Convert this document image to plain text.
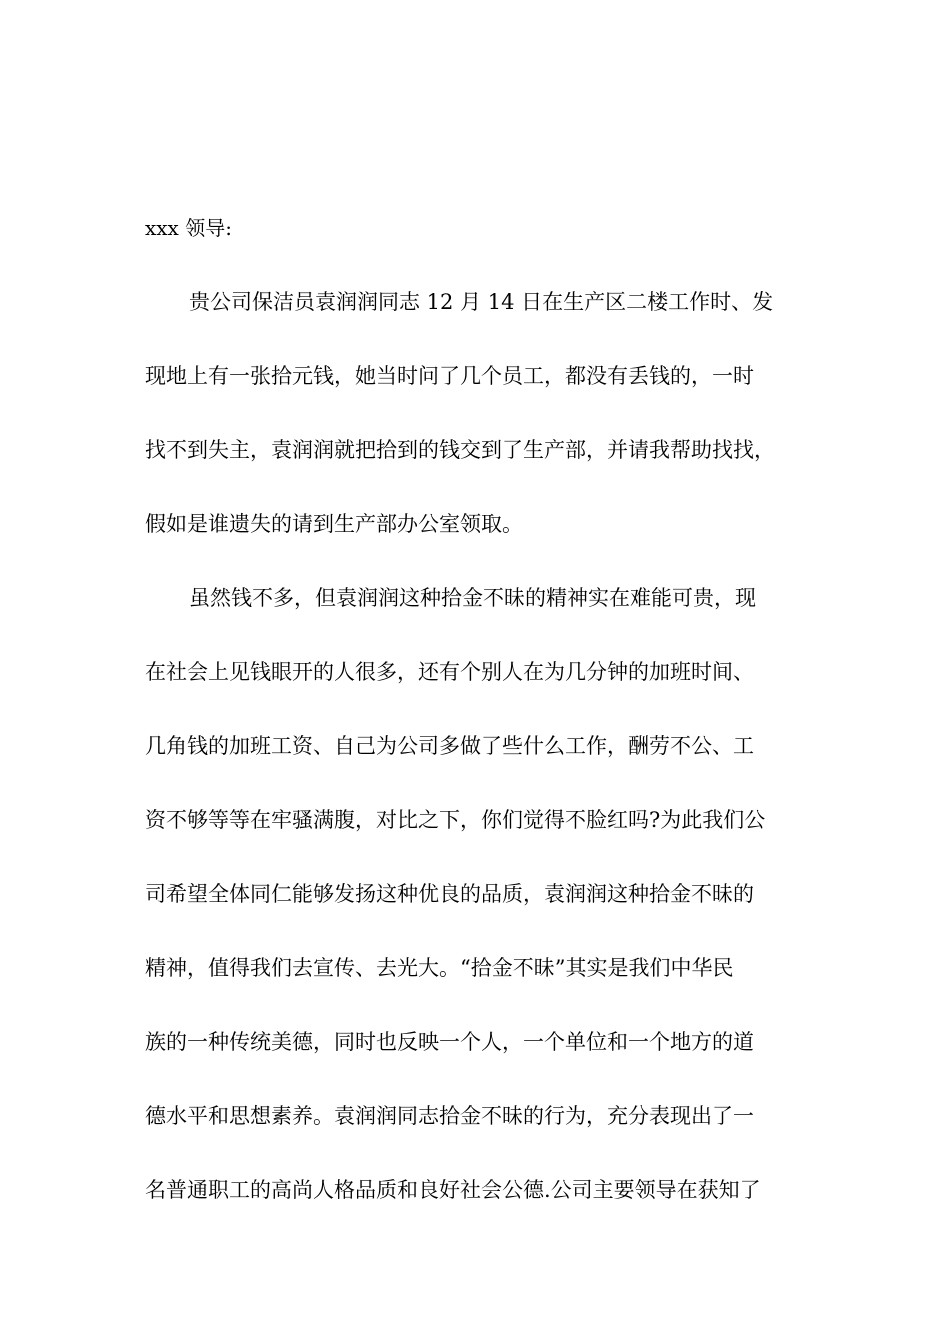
xxx 领导:
贵公司保洁员袁润润同志 12 月 14 日在生产区二楼工作时、发
现地上有一张拾元钱，她当时问了几个员工，都没有丢钱的，一时
找不到失主，袁润润就把拾到的钱交到了生产部，并请我帮助找找，
假如是谁遗失的请到生产部办公室领取。
虽然钱不多，但袁润润这种拾金不昧的精神实在难能可贵，现
在社会上见钱眼开的人很多，还有个别人在为几分钟的加班时间、
几角钱的加班工资、自己为公司多做了些什么工作，酬劳不公、工
资不够等等在牢骚满腹，对比之下，你们觉得不脸红吗?为此我们公
司希望全体同仁能够发扬这种优良的品质，袁润润这种拾金不昧的
精神，值得我们去宣传、去光大。“拾金不昧”其实是我们中华民
族的一种传统美德，同时也反映一个人，一个单位和一个地方的道
德水平和思想素养。袁润润同志拾金不昧的行为，充分表现出了一
名普通职工的高尚人格品质和良好社会公德.公司主要领导在获知了
